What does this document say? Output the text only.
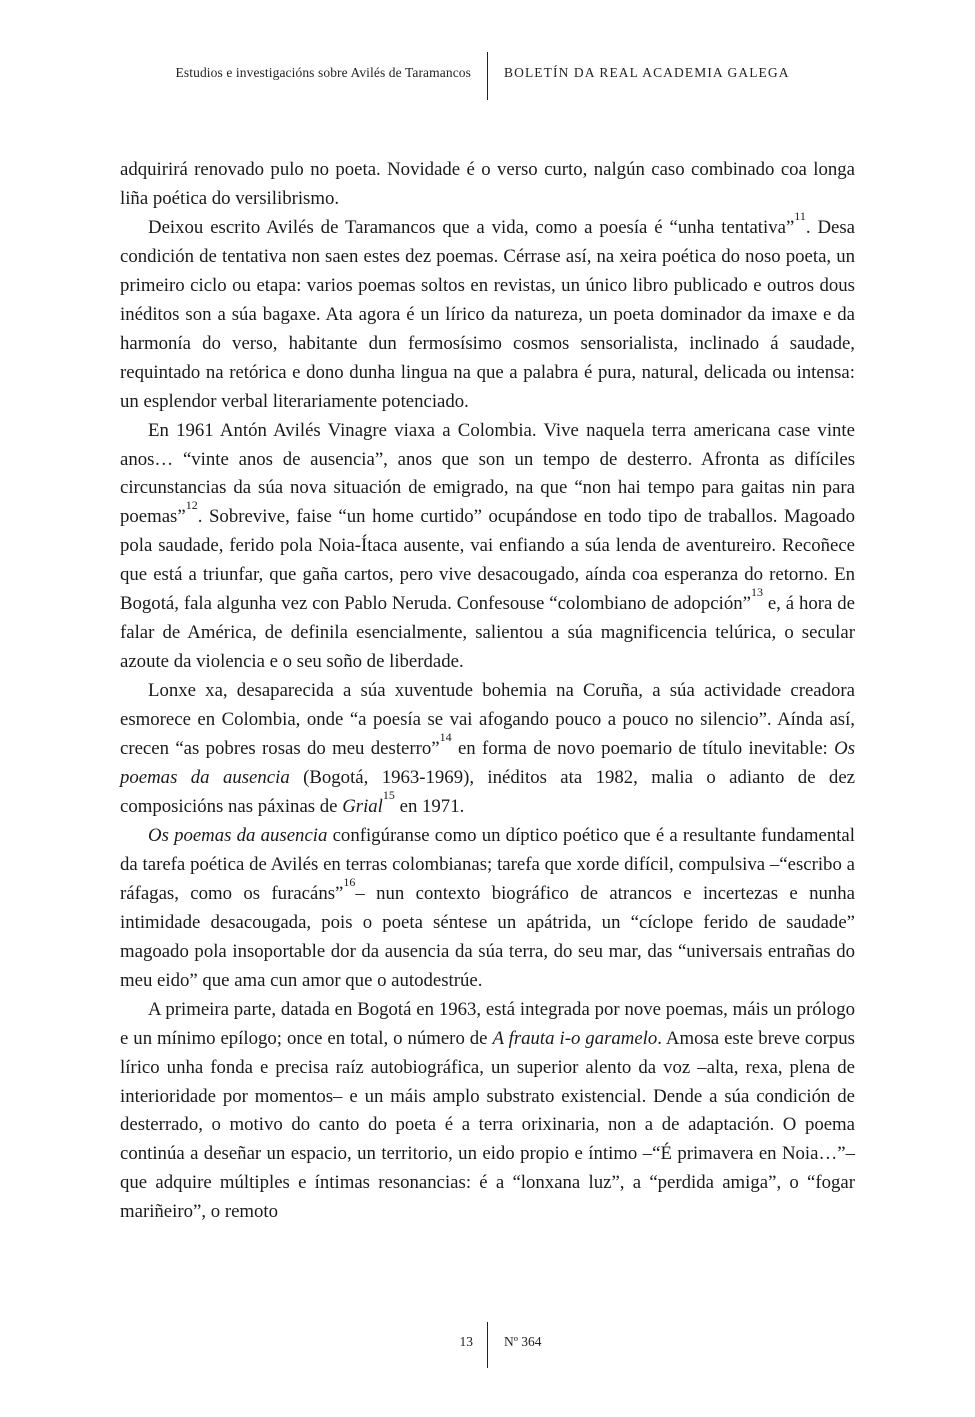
Estudios e investigacións sobre Avilés de Taramancos BOLETÍN DA REAL ACADEMIA GALEGA

adquirirá renovado pulo no poeta. Novidade é o verso curto, nalgún caso combinado coa longa liña poética do versilibrismo.

Deixou escrito Avilés de Taramancos que a vida, como a poesía é “unha tentativa”$^{11}$. Desa condición de tentativa non saen estes dez poemas. Cérrase así, na xeira poética do noso poeta, un primeiro ciclo ou etapa: varios poemas soltos en revistas, un único libro publicado e outros dous inéditos son a súa bagaxe. Ata agora é un lírico da natureza, un poeta dominador da imaxe e da harmonía do verso, habitante dun fermosísimo cosmos sensorialista, inclinado á saudade, requintado na retórica e dono dunha lingua na que a palabra é pura, natural, delicada ou intensa: un esplendor verbal literariamente potenciado.

En 1961 Antón Avilés Vinagre viaxa a Colombia. Vive naquela terra americana case vinte anos… “vinte anos de ausencia”, anos que son un tempo de desterro. Afronta as difíciles circunstancias da súa nova situación de emigrado, na que “non hai tempo para gaitas nin para poemas”$^{12}$. Sobrevive, faise “un home curtido” ocupándose en todo tipo de traballos. Magoado pola saudade, ferido pola Noia-Ítaca ausente, vai enfiando a súa lenda de aventureiro. Recoñece que está a triunfar, que gaña cartos, pero vive desacougado, aínda coa esperanza do retorno. En Bogotá, fala algunha vez con Pablo Neruda. Confesouse “colombiano de adopción”$^{13}$ e, á hora de falar de América, de definila esencialmente, salientou a súa magnificencia telúrica, o secular azoute da violencia e o seu soño de liberdade.

Lonxe xa, desaparecida a súa xuventude bohemia na Coruña, a súa actividade creadora esmorece en Colombia, onde “a poesía se vai afogando pouco a pouco no silencio”. Aínda así, crecen “as pobres rosas do meu desterro”$^{14}$ en forma de novo poemario de título inevitable: Os poemas da ausencia (Bogotá, 1963-1969), inéditos ata 1982, malia o adianto de dez composicións nas páxinas de Grial$^{15}$ en 1971.

Os poemas da ausencia configúranse como un díptico poético que é a resultante fundamental da tarefa poética de Avilés en terras colombianas; tarefa que xorde difícil, compulsiva –“escribo a ráfagas, como os furacáns”$^{16}$– nun contexto biográfico de atrancos e incertezas e nunha intimidade desacougada, pois o poeta séntese un apátrida, un “cíclope ferido de saudade” magoado pola insoportable dor da ausencia da súa terra, do seu mar, das “universais entrañas do meu eido” que ama cun amor que o autodestrúe.

A primeira parte, datada en Bogotá en 1963, está integrada por nove poemas, máis un prólogo e un mínimo epílogo; once en total, o número de A frauta i-o garamelo. Amosa este breve corpus lírico unha fonda e precisa raíz autobiográfica, un superior alento da voz –alta, rexa, plena de interioridade por momentos– e un máis amplo substrato existencial. Dende a súa condición de desterrado, o motivo do canto do poeta é a terra orixinaria, non a de adaptación. O poema continúa a deseñar un espacio, un territorio, un eido propio e íntimo –“É primavera en Noia…”– que adquire múltiples e íntimas resonancias: é a “lonxana luz”, a “perdida amiga”, o “fogar mariñeiro”, o remoto

13 Nº 364
